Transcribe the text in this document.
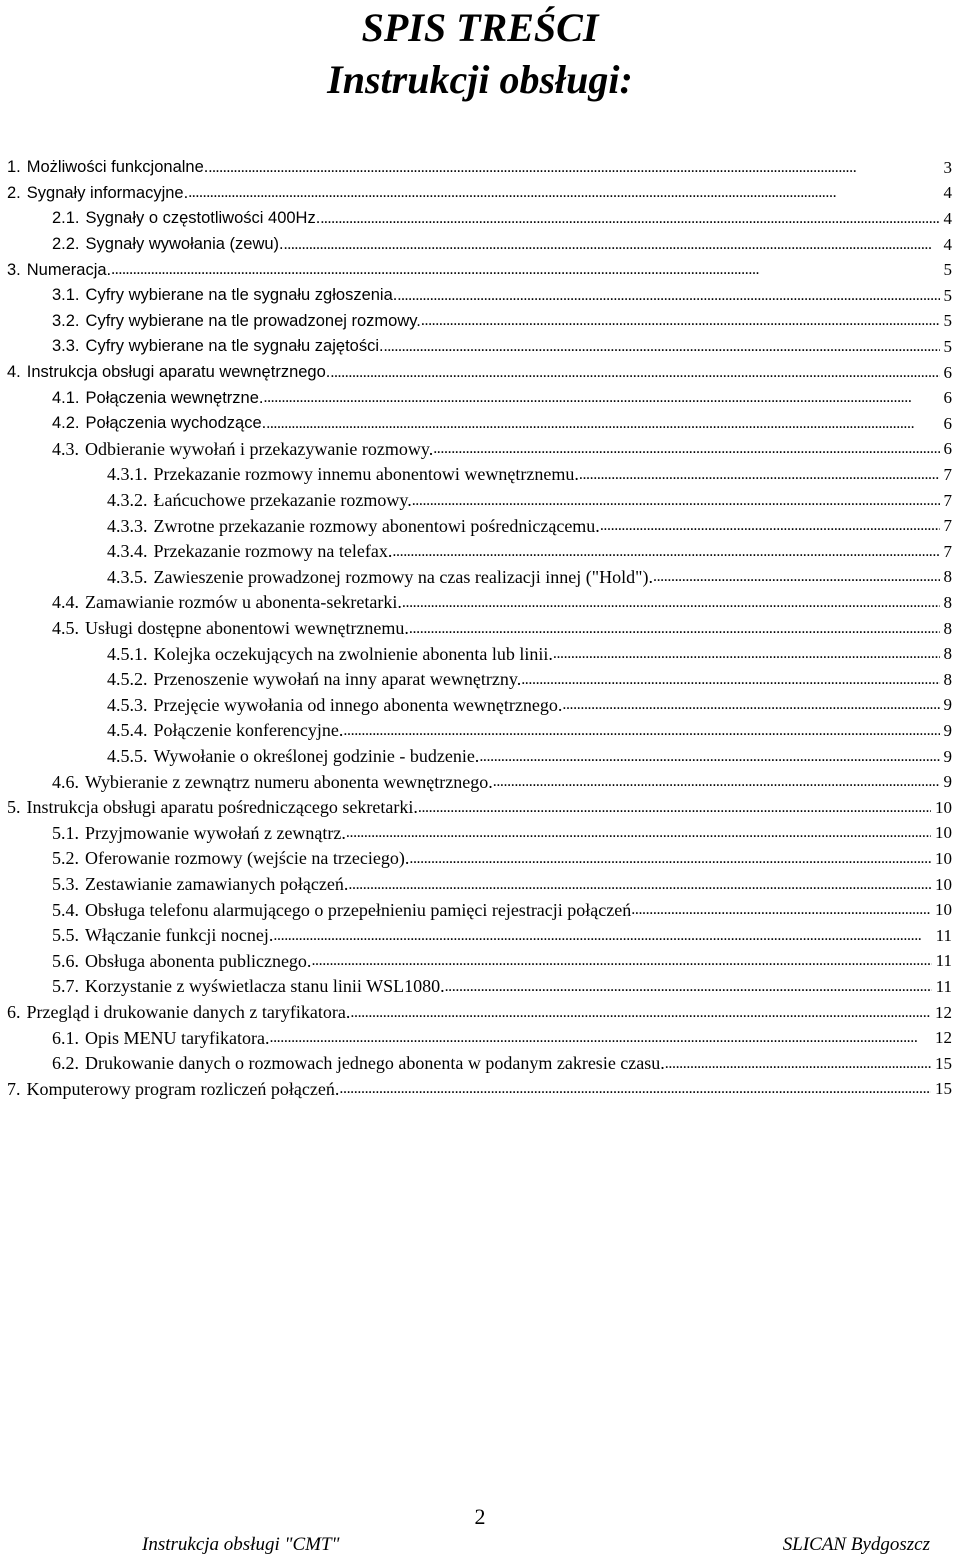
SPIS TREŚCI
Instrukcji obsługi:
1. Możliwości funkcjonalne. . . .	3
2. Sygnały informacyjne. . . .	4
2.1. Sygnały o częstotliwości 400Hz. . . .	4
2.2. Sygnały wywołania (zewu). . . .	4
3. Numeracja. . . .	5
3.1. Cyfry wybierane na tle sygnału zgłoszenia. . . .	5
3.2. Cyfry wybierane na tle prowadzonej rozmowy. . . .	5
3.3. Cyfry wybierane na tle sygnału zajętości. . . .	5
4. Instrukcja obsługi aparatu wewnętrznego. . . .	6
4.1. Połączenia wewnętrzne. . . .	6
4.2. Połączenia wychodzące. . . .	6
4.3. Odbieranie wywołań i przekazywanie rozmowy. . . .	6
4.3.1. Przekazanie rozmowy innemu abonentowi wewnętrznemu. . . .	7
4.3.2. Łańcuchowe przekazanie rozmowy. . . .	7
4.3.3. Zwrotne przekazanie rozmowy abonentowi pośredniczącemu. . . .	7
4.3.4. Przekazanie rozmowy na telefax. . . .	7
4.3.5. Zawieszenie prowadzonej rozmowy na czas realizacji innej ("Hold"). . . .	8
4.4. Zamawianie rozmów u abonenta-sekretarki. . . .	8
4.5. Usługi dostępne abonentowi wewnętrznemu. . . .	8
4.5.1. Kolejka oczekujących na zwolnienie abonenta lub linii. . . .	8
4.5.2. Przenoszenie wywołań na inny aparat wewnętrzny. . . .	8
4.5.3. Przejęcie wywołania od innego abonenta wewnętrznego. . . .	9
4.5.4. Połączenie konferencyjne. . . .	9
4.5.5. Wywołanie o określonej godzinie - budzenie. . . .	9
4.6. Wybieranie z zewnątrz numeru abonenta wewnętrznego. . . .	9
5. Instrukcja obsługi aparatu pośredniczącego sekretarki. . . .	10
5.1. Przyjmowanie wywołań z zewnątrz. . . .	10
5.2. Oferowanie rozmowy (wejście na trzeciego). . . .	10
5.3. Zestawianie zamawianych połączeń. . . .	10
5.4. Obsługa telefonu alarmującego o przepełnieniu pamięci rejestracji połączeń . . .	10
5.5. Włączanie funkcji nocnej. . . .	11
5.6. Obsługa abonenta publicznego. . . .	11
5.7. Korzystanie z wyświetlacza stanu linii WSL1080. . . .	11
6. Przegląd i drukowanie danych z taryfikatora. . . .	12
6.1. Opis MENU taryfikatora. . . .	12
6.2. Drukowanie danych o rozmowach jednego abonenta w podanym zakresie czasu. . . .	15
7. Komputerowy program rozliczeń połączeń. . . .	15
2
Instrukcja obsługi "CMT"	SLICAN Bydgoszcz
